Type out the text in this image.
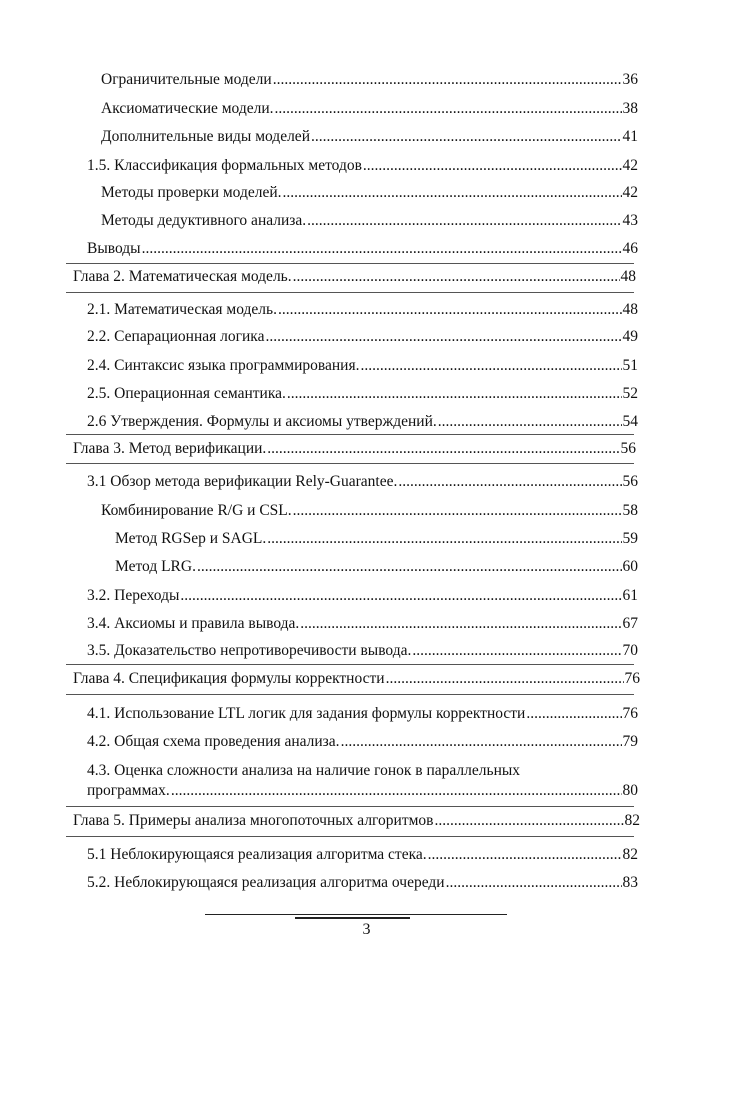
Ограничительные модели .....	36
Аксиоматические модели. .....	38
Дополнительные виды моделей .....	41
1.5. Классификация формальных методов .....	42
Методы проверки моделей. .....	42
Методы дедуктивного анализа. .....	43
Выводы .....	46
Глава 2. Математическая модель. .....	48
2.1. Математическая модель. .....	48
2.2. Сепарационная логика .....	49
2.4. Синтаксис языка программирования. .....	51
2.5. Операционная семантика. .....	52
2.6 Утверждения. Формулы и аксиомы утверждений. .....	54
Глава 3. Метод верификации. .....	56
3.1 Обзор метода верификации Rely-Guarantee. .....	56
Комбинирование R/G и CSL. .....	58
Метод RGSep и SAGL. .....	59
Метод LRG. .....	60
3.2. Переходы .....	61
3.4. Аксиомы и правила вывода. .....	67
3.5. Доказательство непротиворечивости вывода. .....	70
Глава 4. Спецификация формулы корректности .....	76
4.1. Использование LTL логик для задания формулы корректности .....	76
4.2. Общая схема проведения анализа. .....	79
4.3. Оценка сложности анализа на наличие гонок в параллельных
программах. .....	80
Глава 5. Примеры анализа многопоточных алгоритмов .....	82
5.1 Неблокирующаяся реализация алгоритма стека. .....	82
5.2. Неблокирующаяся реализация алгоритма очереди .....	83
3
